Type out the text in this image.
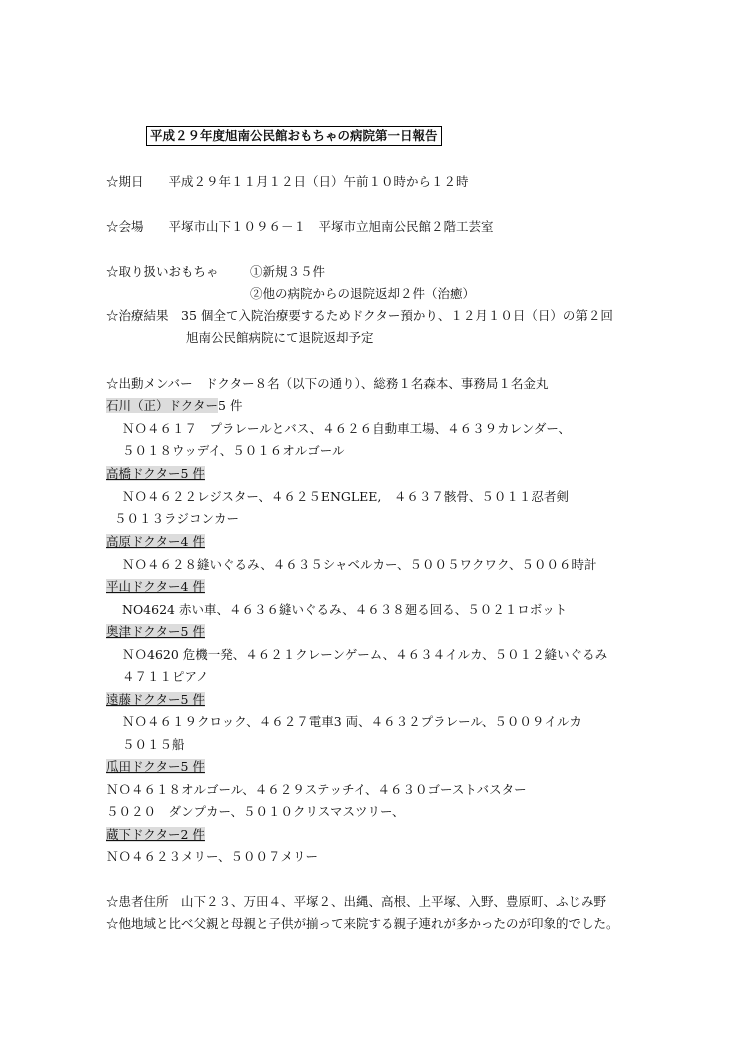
平成２９年度旭南公民館おもちゃの病院第一日報告
☆期日　　平成２９年１１月１２日（日）午前１０時から１２時
☆会場　　平塚市山下１０９６－１　平塚市立旭南公民館２階工芸室
☆取り扱いおもちゃ	①新規３５件
②他の病院からの退院返却２件（治癒）
☆治療結果　35 個全て入院治療要するためドクター預かり、１２月１０日（日）の第２回
旭南公民館病院にて退院返却予定
☆出動メンバー　ドクター８名（以下の通り）、総務１名森本、事務局１名金丸
石川（正）ドクター5 件
ＮＯ４６１７　プラレールとバス、４６２６自動車工場、４６３９カレンダー、
５０１８ウッデイ、５０１６オルゴール
高橋ドクター5 件
ＮＯ４６２２レジスター、４６２５ENGLEE,　４６３７骸骨、５０１１忍者剣
５０１３ラジコンカー
高原ドクター4 件
ＮＯ４６２８縫いぐるみ、４６３５シャベルカー、５００５ワクワク、５００６時計
平山ドクター4 件
NO4624 赤い車、４６３６縫いぐるみ、４６３８廻る回る、５０２１ロボット
奥津ドクター5 件
ＮＯ4620 危機一発、４６２１クレーンゲーム、４６３４イルカ、５０１２縫いぐるみ
４７１１ピアノ
遠藤ドクター5 件
ＮＯ４６１９クロック、４６２７電車3 両、４６３２プラレール、５００９イルカ
５０１５船
瓜田ドクター5 件
ＮＯ４６１８オルゴール、４６２９ステッチイ、４６３０ゴーストバスター
５０２０　ダンプカー、５０１０クリスマスツリー、
蔵下ドクター2 件
ＮＯ４６２３メリー、５００７メリー
☆患者住所　山下２３、万田４、平塚２、出縄、高根、上平塚、入野、豊原町、ふじみ野
☆他地域と比べ父親と母親と子供が揃って来院する親子連れが多かったのが印象的でした。
